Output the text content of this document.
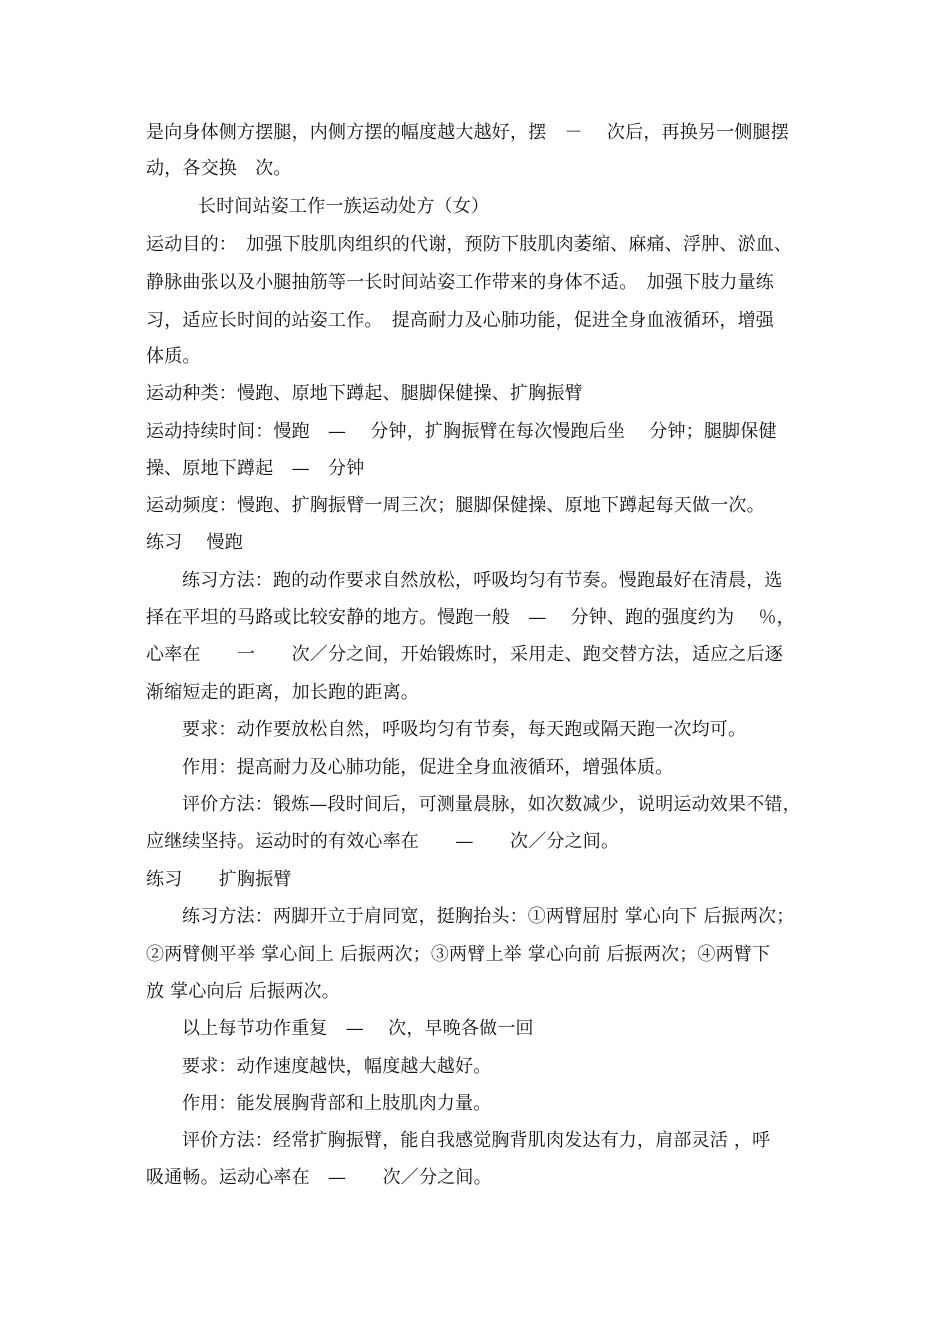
是向身体侧方摆腿，内侧方摆的幅度越大越好，摆　－　 次后，再换另一侧腿摆
动，各交换　次。
长时间站姿工作一族运动处方（女）
运动目的：　加强下肢肌肉组织的代谢，预防下肢肌肉萎缩、麻痛、浮肿、淤血、
静脉曲张以及小腿抽筋等一长时间站姿工作带来的身体不适。　加强下肢力量练
习，适应长时间的站姿工作。　提高耐力及心肺功能，促进全身血液循环，增强
体质。
运动种类：慢跑、原地下蹲起、腿脚保健操、扩胸振臂
运动持续时间：慢跑　—　 分钟，扩胸振臂在每次慢跑后坐　 分钟；腿脚保健
操、原地下蹲起　—　分钟
运动频度：慢跑、扩胸振臂一周三次；腿脚保健操、原地下蹲起每天做一次。
练习　 慢跑
练习方法：跑的动作要求自然放松，呼吸均匀有节奏。慢跑最好在清晨，选
择在平坦的马路或比较安静的地方。慢跑一般　—　 分钟、跑的强度约为　 ％，
心率在　　一　　次／分之间，开始锻炼时，采用走、跑交替方法，适应之后逐
渐缩短走的距离，加长跑的距离。
要求：动作要放松自然，呼吸均匀有节奏，每天跑或隔天跑一次均可。
作用：提高耐力及心肺功能，促进全身血液循环，增强体质。
评价方法：锻炼—段时间后，可测量晨脉，如次数减少，说明运动效果不错，
应继续坚持。运动时的有效心率在　　—　　次／分之间。
练习　　扩胸振臂
练习方法：两脚开立于肩同宽，挺胸抬头：①两臂屈肘 掌心向下 后振两次；
②两臂侧平举 掌心间上 后振两次；③两臂上举 掌心向前 后振两次；④两臂下
放 掌心向后 后振两次。
以上每节功作重复　—　 次，早晚各做一回
要求：动作速度越快，幅度越大越好。
作用：能发展胸背部和上肢肌肉力量。
评价方法：经常扩胸振臂，能自我感觉胸背肌肉发达有力，肩部灵活 ，呼
吸通畅。运动心率在　—　　次／分之间。
